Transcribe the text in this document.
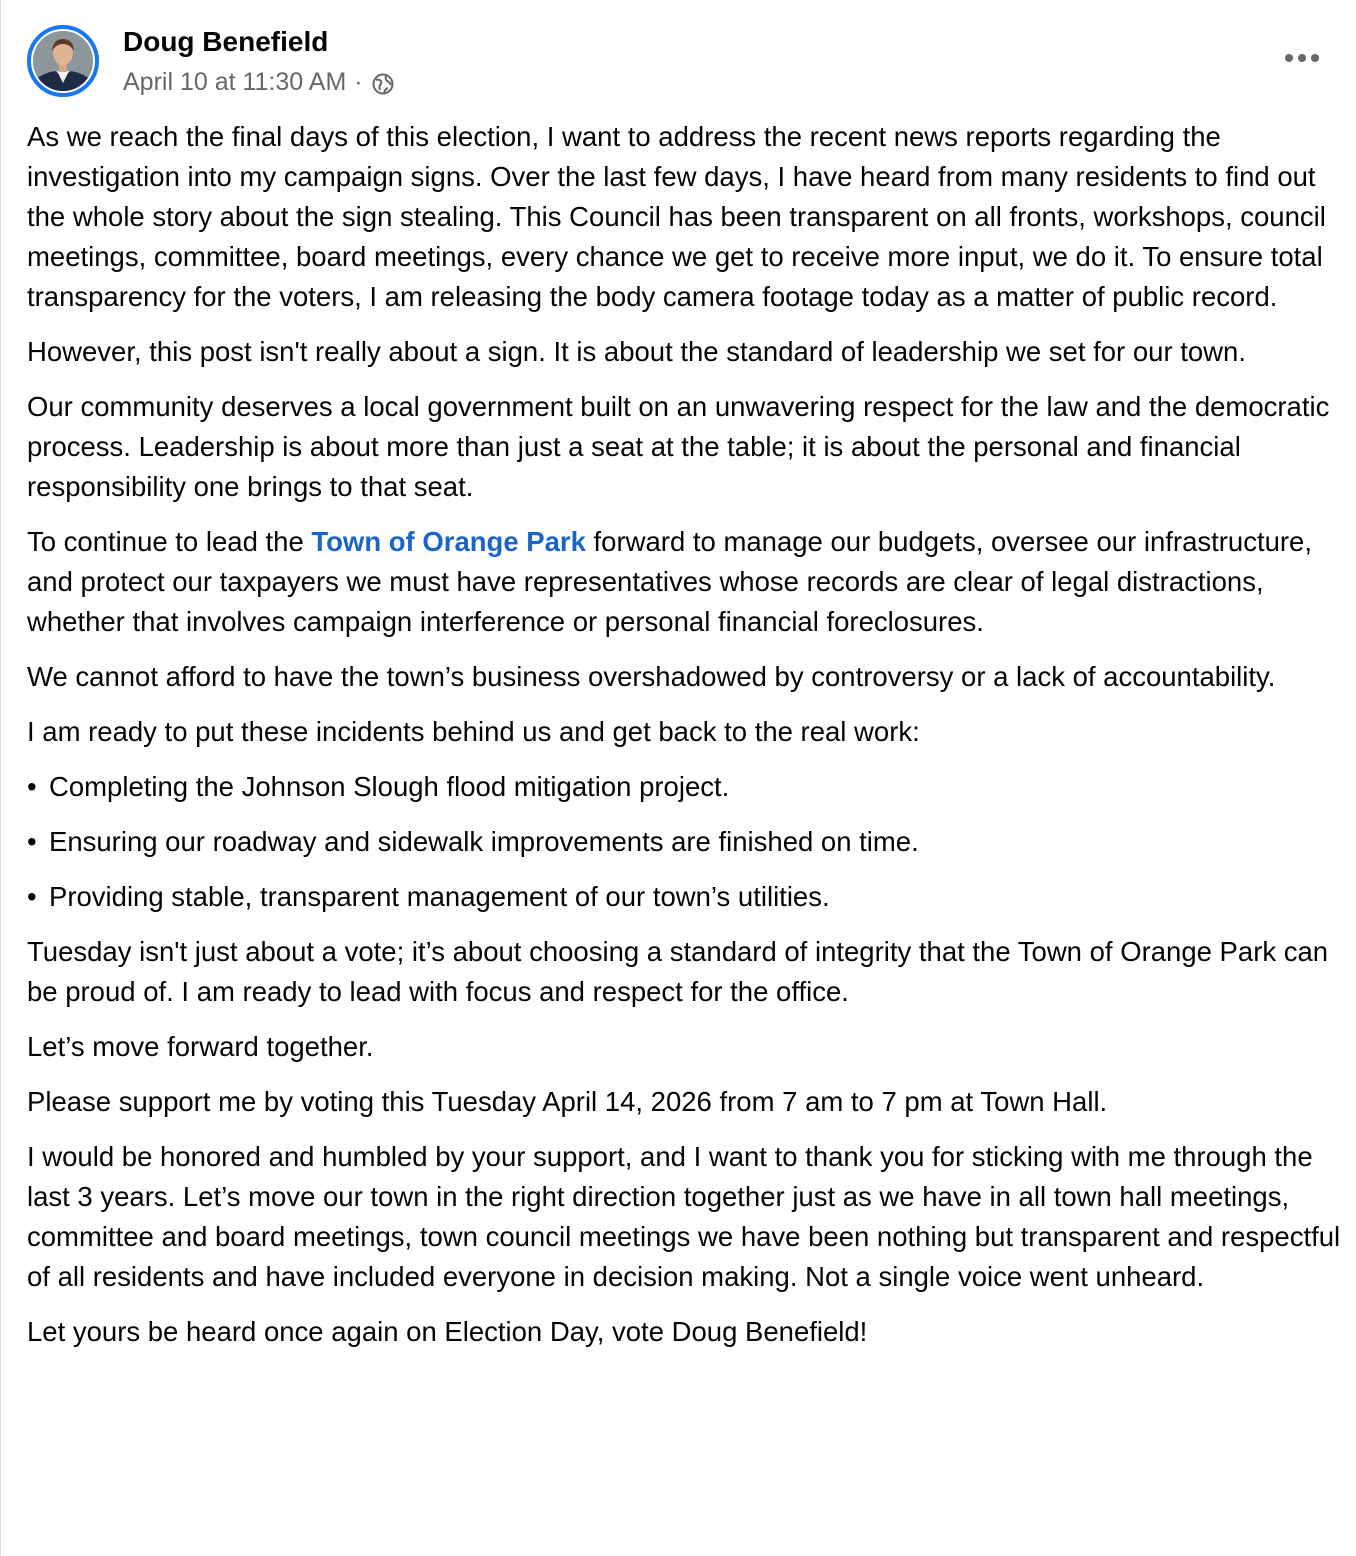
Doug Benefield
April 10 at 11:30 AM ·

As we reach the final days of this election, I want to address the recent news reports regarding the investigation into my campaign signs. Over the last few days, I have heard from many residents to find out the whole story about the sign stealing. This Council has been transparent on all fronts, workshops, council meetings, committee, board meetings, every chance we get to receive more input, we do it. To ensure total transparency for the voters, I am releasing the body camera footage today as a matter of public record.

However, this post isn't really about a sign. It is about the standard of leadership we set for our town.

Our community deserves a local government built on an unwavering respect for the law and the democratic process. Leadership is about more than just a seat at the table; it is about the personal and financial responsibility one brings to that seat.

To continue to lead the Town of Orange Park forward to manage our budgets, oversee our infrastructure, and protect our taxpayers we must have representatives whose records are clear of legal distractions, whether that involves campaign interference or personal financial foreclosures.

We cannot afford to have the town’s business overshadowed by controversy or a lack of accountability.

I am ready to put these incidents behind us and get back to the real work:

• Completing the Johnson Slough flood mitigation project.

• Ensuring our roadway and sidewalk improvements are finished on time.

• Providing stable, transparent management of our town’s utilities.

Tuesday isn't just about a vote; it’s about choosing a standard of integrity that the Town of Orange Park can be proud of. I am ready to lead with focus and respect for the office.

Let’s move forward together.

Please support me by voting this Tuesday April 14, 2026 from 7 am to 7 pm at Town Hall.

I would be honored and humbled by your support, and I want to thank you for sticking with me through the last 3 years. Let’s move our town in the right direction together just as we have in all town hall meetings, committee and board meetings, town council meetings we have been nothing but transparent and respectful of all residents and have included everyone in decision making. Not a single voice went unheard.

Let yours be heard once again on Election Day, vote Doug Benefield!
